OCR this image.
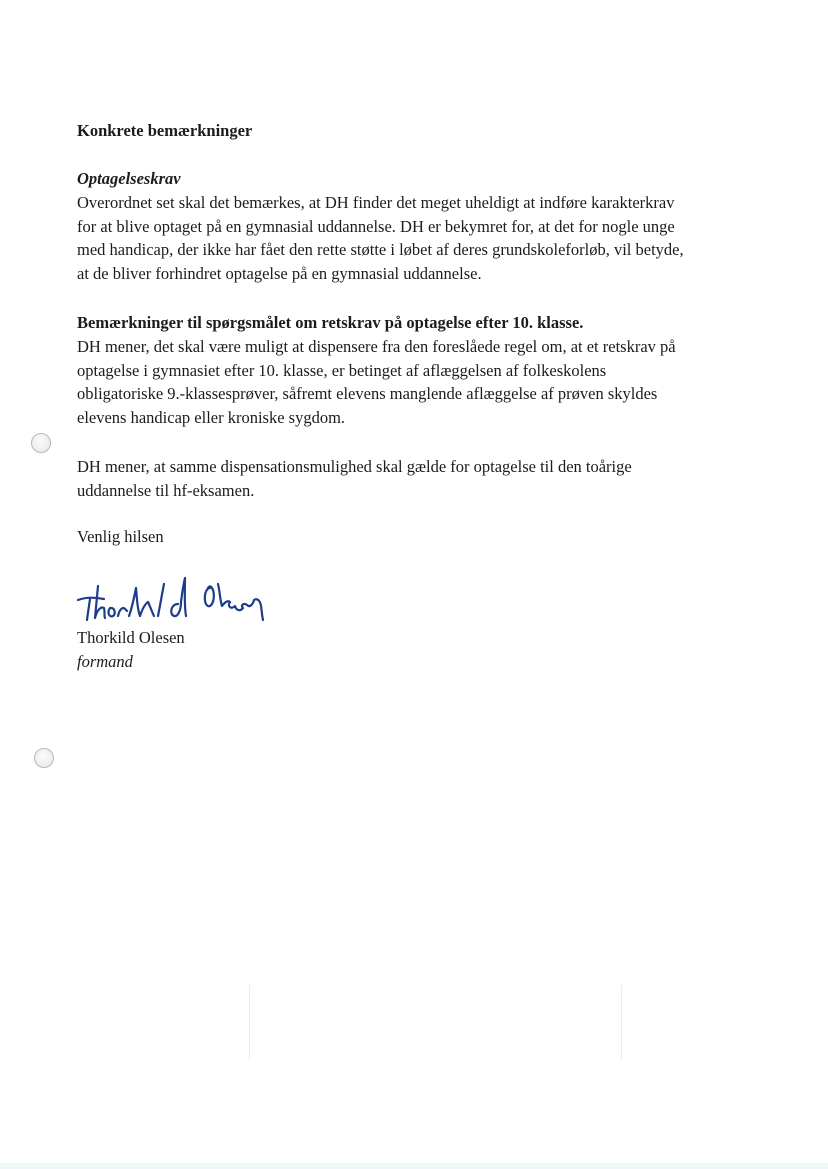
Konkrete bemærkninger

Optagelseskrav

Overordnet set skal det bemærkes, at DH finder det meget uheldigt at indføre karakterkrav
for at blive optaget på en gymnasial uddannelse. DH er bekymret for, at det for nogle unge
med handicap, der ikke har fået den rette støtte i løbet af deres grundskoleforløb, vil betyde,
at de bliver forhindret optagelse på en gymnasial uddannelse.

Bemærkninger til spørgsmålet om retskrav på optagelse efter 10. klasse.

DH mener, det skal være muligt at dispensere fra den foreslåede regel om, at et retskrav på
optagelse i gymnasiet efter 10. klasse, er betinget af aflæggelsen af folkeskolens
obligatoriske 9.-klassesprøver, såfremt elevens manglende aflæggelse af prøven skyldes
elevens handicap eller kroniske sygdom.
DH mener, at samme dispensationsmulighed skal gælde for optagelse til den toårige
uddannelse til hf-eksamen.

Venlig hilsen

Thorkild Olesen

formand
